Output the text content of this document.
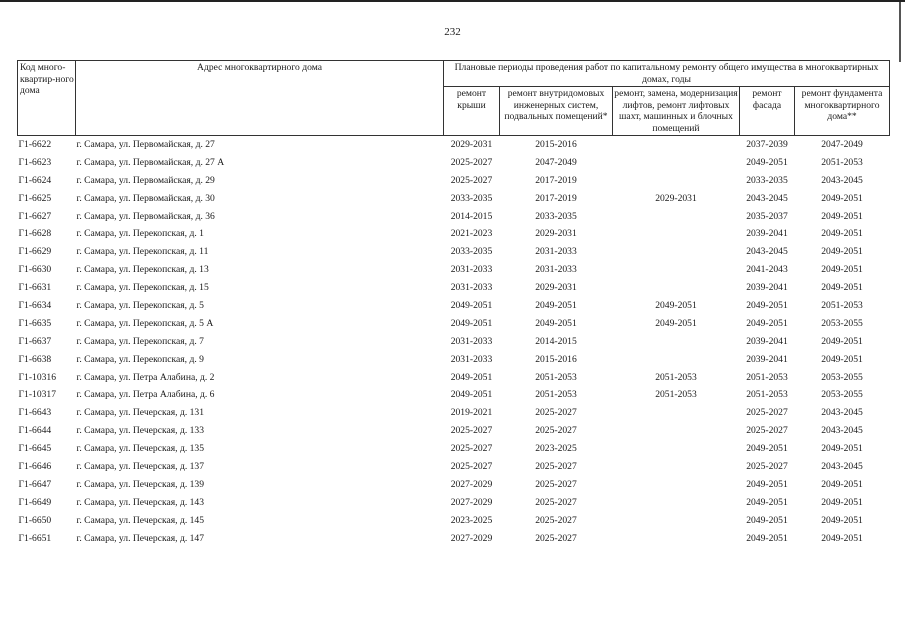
232
Код много-квартир-ного дома	Адрес многоквартирного дома	Плановые периоды проведения работ по капитальному ремонту общего имущества в многоквартирных домах, годы				
		ремонт крыши	ремонт внутридомовых инженерных систем, подвальных помещений*	ремонт, замена, модернизация лифтов, ремонт лифтовых шахт, машинных и блочных помещений	ремонт фасада	ремонт фундамента многоквартирного дома**
Г1-6622	г. Самара, ул. Первомайская, д. 27	2029-2031	2015-2016		2037-2039	2047-2049
Г1-6623	г. Самара, ул. Первомайская, д. 27 А	2025-2027	2047-2049		2049-2051	2051-2053
Г1-6624	г. Самара, ул. Первомайская, д. 29	2025-2027	2017-2019		2033-2035	2043-2045
Г1-6625	г. Самара, ул. Первомайская, д. 30	2033-2035	2017-2019	2029-2031	2043-2045	2049-2051
Г1-6627	г. Самара, ул. Первомайская, д. 36	2014-2015	2033-2035		2035-2037	2049-2051
Г1-6628	г. Самара, ул. Перекопская, д. 1	2021-2023	2029-2031		2039-2041	2049-2051
Г1-6629	г. Самара, ул. Перекопская, д. 11	2033-2035	2031-2033		2043-2045	2049-2051
Г1-6630	г. Самара, ул. Перекопская, д. 13	2031-2033	2031-2033		2041-2043	2049-2051
Г1-6631	г. Самара, ул. Перекопская, д. 15	2031-2033	2029-2031		2039-2041	2049-2051
Г1-6634	г. Самара, ул. Перекопская, д. 5	2049-2051	2049-2051	2049-2051	2049-2051	2051-2053
Г1-6635	г. Самара, ул. Перекопская, д. 5 А	2049-2051	2049-2051	2049-2051	2049-2051	2053-2055
Г1-6637	г. Самара, ул. Перекопская, д. 7	2031-2033	2014-2015		2039-2041	2049-2051
Г1-6638	г. Самара, ул. Перекопская, д. 9	2031-2033	2015-2016		2039-2041	2049-2051
Г1-10316	г. Самара, ул. Петра Алабина, д. 2	2049-2051	2051-2053	2051-2053	2051-2053	2053-2055
Г1-10317	г. Самара, ул. Петра Алабина, д. 6	2049-2051	2051-2053	2051-2053	2051-2053	2053-2055
Г1-6643	г. Самара, ул. Печерская, д. 131	2019-2021	2025-2027		2025-2027	2043-2045
Г1-6644	г. Самара, ул. Печерская, д. 133	2025-2027	2025-2027		2025-2027	2043-2045
Г1-6645	г. Самара, ул. Печерская, д. 135	2025-2027	2023-2025		2049-2051	2049-2051
Г1-6646	г. Самара, ул. Печерская, д. 137	2025-2027	2025-2027		2025-2027	2043-2045
Г1-6647	г. Самара, ул. Печерская, д. 139	2027-2029	2025-2027		2049-2051	2049-2051
Г1-6649	г. Самара, ул. Печерская, д. 143	2027-2029	2025-2027		2049-2051	2049-2051
Г1-6650	г. Самара, ул. Печерская, д. 145	2023-2025	2025-2027		2049-2051	2049-2051
Г1-6651	г. Самара, ул. Печерская, д. 147	2027-2029	2025-2027		2049-2051	2049-2051
